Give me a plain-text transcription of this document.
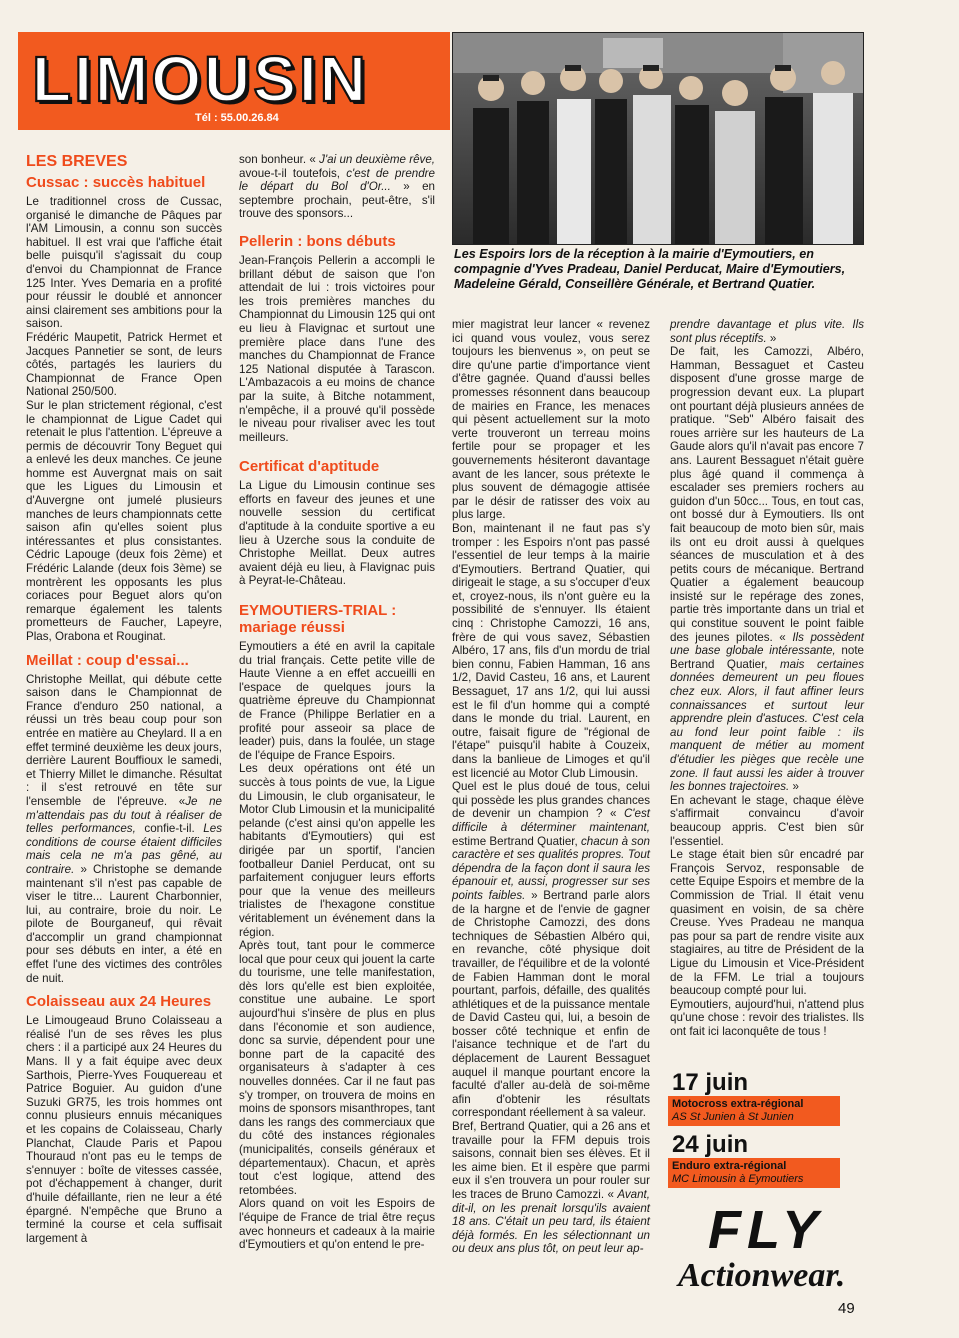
LIMOUSIN
Tél : 55.00.26.84
Les Espoirs lors de la réception à la mairie d'Eymoutiers, en compagnie d'Yves Pradeau, Daniel Perducat, Maire d'Eymoutiers, Madeleine Gérald, Conseillère Générale, et Bertrand Quatier.
LES BREVES
Cussac : succès habituel

Le traditionnel cross de Cussac, organisé le dimanche de Pâques par l'AM Limousin, a connu son succès habituel. Il est vrai que l'affiche était belle puisqu'il s'agissait du coup d'envoi du Championnat de France 125 Inter. Yves Demaria en a profité pour réussir le doublé et annoncer ainsi clairement ses ambitions pour la saison.

Frédéric Maupetit, Patrick Hermet et Jacques Pannetier se sont, de leurs côtés, partagés les lauriers du Championnat de France Open National 250/500.

Sur le plan strictement régional, c'est le championnat de Ligue Cadet qui retenait le plus l'attention. L'épreuve a permis de découvrir Tony Beguet qui a enlevé les deux manches. Ce jeune homme est Auvergnat mais on sait que les Ligues du Limousin et d'Auvergne ont jumelé plusieurs manches de leurs championnats cette saison afin qu'elles soient plus intéressantes et plus consistantes. Cédric Lapouge (deux fois 2ème) et Frédéric Lalande (deux fois 3ème) se montrèrent les opposants les plus coriaces pour Beguet alors qu'on remarque également les talents prometteurs de Faucher, Lapeyre, Plas, Orabona et Rouginat.

Meillat : coup d'essai...

Christophe Meillat, qui débute cette saison dans le Championnat de France d'enduro 250 national, a réussi un très beau coup pour son entrée en matière au Cheylard. Il a en effet terminé deuxième les deux jours, derrière Laurent Bouffioux le samedi, et Thierry Millet le dimanche. Résultat : il s'est retrouvé en tête sur l'ensemble de l'épreuve. «Je ne m'attendais pas du tout à réaliser de telles performances, confie-t-il. Les conditions de course étaient difficiles mais cela ne m'a pas gêné, au contraire. » Christophe se demande maintenant s'il n'est pas capable de viser le titre... Laurent Charbonnier, lui, au contraire, broie du noir. Le pilote de Bourganeuf, qui rêvait d'accomplir un grand championnat pour ses débuts en inter, a été en effet l'une des victimes des contrôles de nuit.

Colaisseau aux 24 Heures

Le Limougeaud Bruno Colaisseau a réalisé l'un de ses rêves les plus chers : il a participé aux 24 Heures du Mans. Il y a fait équipe avec deux Sarthois, Pierre-Yves Fouquereau et Patrice Boguier. Au guidon d'une Suzuki GR75, les trois hommes ont connu plusieurs ennuis mécaniques et les copains de Colaisseau, Charly Planchat, Claude Paris et Papou Thouraud n'ont pas eu le temps de s'ennuyer : boîte de vitesses cassée, pot d'échappement à changer, durit d'huile défaillante, rien ne leur a été épargné. N'empêche que Bruno a terminé la course et cela suffisait largement à

son bonheur. « J'ai un deuxième rêve, avoue-t-il toutefois, c'est de prendre le départ du Bol d'Or... » en septembre prochain, peut-être, s'il trouve des sponsors...

Pellerin : bons débuts

Jean-François Pellerin a accompli le brillant début de saison que l'on attendait de lui : trois victoires pour les trois premières manches du Championnat du Limousin 125 qui ont eu lieu à Flavignac et surtout une première place dans l'une des manches du Championnat de France 125 National disputée à Tarascon. L'Ambazacois a eu moins de chance par la suite, à Bitche notamment, n'empêche, il a prouvé qu'il possède le niveau pour rivaliser avec les tout meilleurs.

Certificat d'aptitude

La Ligue du Limousin continue ses efforts en faveur des jeunes et une nouvelle session du certificat d'aptitude à la conduite sportive a eu lieu à Uzerche sous la conduite de Christophe Meillat. Deux autres avaient déjà eu lieu, à Flavignac puis à Peyrat-le-Château.

EYMOUTIERS-TRIAL :
mariage réussi

Eymoutiers a été en avril la capitale du trial français. Cette petite ville de Haute Vienne a en effet accueilli en l'espace de quelques jours la quatrième épreuve du Championnat de France (Philippe Berlatier en a profité pour asseoir sa place de leader) puis, dans la foulée, un stage de l'équipe de France Espoirs.

Les deux opérations ont été un succès à tous points de vue, la Ligue du Limousin, le club organisateur, le Motor Club Limousin et la municipalité pelande (c'est ainsi qu'on appelle les habitants d'Eymoutiers) qui est dirigée par un sportif, l'ancien footballeur Daniel Perducat, ont su parfaitement conjuguer leurs efforts pour que la venue des meilleurs trialistes de l'hexagone constitue véritablement un événement dans la région.

Après tout, tant pour le commerce local que pour ceux qui jouent la carte du tourisme, une telle manifestation, dès lors qu'elle est bien exploitée, constitue une aubaine. Le sport aujourd'hui s'insère de plus en plus dans l'économie et son audience, donc sa survie, dépendent pour une bonne part de la capacité des organisateurs à s'adapter à ces nouvelles données. Car il ne faut pas s'y tromper, on trouvera de moins en moins de sponsors misanthropes, tant dans les rangs des commerciaux que du côté des instances régionales (municipalités, conseils généraux et départementaux). Chacun, et après tout c'est logique, attend des retombées.

Alors quand on voit les Espoirs de l'équipe de France de trial être reçus avec honneurs et cadeaux à la mairie d'Eymoutiers et qu'on entend le pre-

mier magistrat leur lancer « revenez ici quand vous voulez, vous serez toujours les bienvenus », on peut se dire qu'une partie d'importance vient d'être gagnée. Quand d'aussi belles promesses résonnent dans beaucoup de mairies en France, les menaces qui pèsent actuellement sur la moto verte trouveront un terreau moins fertile pour se propager et les gouvernements hésiteront davantage avant de les lancer, sous prétexte le plus souvent de démagogie attisée par le désir de ratisser des voix au plus large.

Bon, maintenant il ne faut pas s'y tromper : les Espoirs n'ont pas passé l'essentiel de leur temps à la mairie d'Eymoutiers. Bertrand Quatier, qui dirigeait le stage, a su s'occuper d'eux et, croyez-nous, ils n'ont guère eu la possibilité de s'ennuyer. Ils étaient cinq : Christophe Camozzi, 16 ans, frère de qui vous savez, Sébastien Albéro, 17 ans, fils d'un mordu de trial bien connu, Fabien Hamman, 16 ans 1/2, David Casteu, 16 ans, et Laurent Bessaguet, 17 ans 1/2, qui lui aussi est le fil d'un homme qui a compté dans le monde du trial. Laurent, en outre, faisait figure de "régional de l'étape" puisqu'il habite à Couzeix, dans la banlieue de Limoges et qu'il est licencié au Motor Club Limousin.

Quel est le plus doué de tous, celui qui possède les plus grandes chances de devenir un champion ? « C'est difficile à déterminer maintenant, estime Bertrand Quatier, chacun à son caractère et ses qualités propres. Tout dépendra de la façon dont il saura les épanouir et, aussi, progresser sur ses points faibles. » Bertrand parle alors de la hargne et de l'envie de gagner de Christophe Camozzi, des dons techniques de Sébastien Albéro qui, en revanche, côté physique doit travailler, de l'équilibre et de la volonté de Fabien Hamman dont le moral pourtant, parfois, défaille, des qualités athlétiques et de la puissance mentale de David Casteu qui, lui, a besoin de bosser côté technique et enfin de l'aisance technique et de l'art du déplacement de Laurent Bessaguet auquel il manque pourtant encore la faculté d'aller au-delà de soi-même afin d'obtenir les résultats correspondant réellement à sa valeur.

Bref, Bertrand Quatier, qui a 26 ans et travaille pour la FFM depuis trois saisons, connait bien ses élèves. Et il les aime bien. Et il espère que parmi eux il s'en trouvera un pour rouler sur les traces de Bruno Camozzi. « Avant, dit-il, on les prenait lorsqu'ils avaient 18 ans. C'était un peu tard, ils étaient déjà formés. En les sélectionnant un ou deux ans plus tôt, on peut leur ap-

prendre davantage et plus vite. Ils sont plus réceptifs. »

De fait, les Camozzi, Albéro, Hamman, Bessaguet et Casteu disposent d'une grosse marge de progression devant eux. La plupart ont pourtant déjà plusieurs années de pratique. "Seb" Albéro faisait des roues arrière sur les hauteurs de La Gaude alors qu'il n'avait pas encore 7 ans. Laurent Bessaguet n'était guère plus âgé quand il commença à escalader ses premiers rochers au guidon d'un 50cc... Tous, en tout cas, ont bossé dur à Eymoutiers. Ils ont fait beaucoup de moto bien sûr, mais ils ont eu droit aussi à quelques séances de musculation et à des petits cours de mécanique. Bertrand Quatier a également beaucoup insisté sur le repérage des zones, partie très importante dans un trial et qui constitue souvent le point faible des jeunes pilotes. « Ils possèdent une base globale intéressante, note Bertrand Quatier, mais certaines données demeurent un peu floues chez eux. Alors, il faut affiner leurs connaissances et surtout leur apprendre plein d'astuces. C'est cela au fond leur point faible : ils manquent de métier au moment d'étudier les pièges que recèle une zone. Il faut aussi les aider à trouver les bonnes trajectoires. »

En achevant le stage, chaque élève s'affirmait convaincu d'avoir beaucoup appris. C'est bien sûr l'essentiel.

Le stage était bien sûr encadré par François Servoz, responsable de cette Equipe Espoirs et membre de la Commission de Trial. Il était venu quasiment en voisin, de sa chère Creuse. Yves Pradeau ne manqua pas pour sa part de rendre visite aux stagiaires, au titre de Président de la Ligue du Limousin et Vice-Président de la FFM. Le trial a toujours beaucoup compté pour lui.

Eymoutiers, aujourd'hui, n'attend plus qu'une chose : revoir des trialistes. Ils ont fait ici laconquête de tous !

17 juin
Motocross extra-régional
AS St Junien à St Junien
24 juin
Enduro extra-régional
MC Limousin à Eymoutiers
FLY
Actionwear.
49
